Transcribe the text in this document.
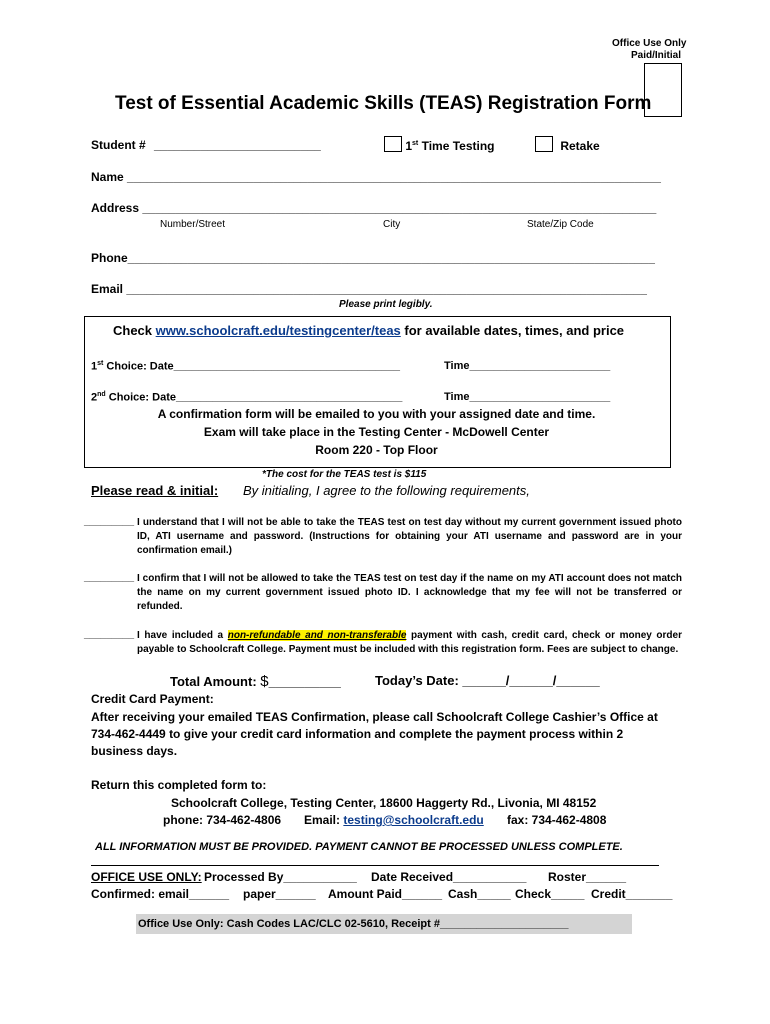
Office Use Only
Paid/Initial
Test of Essential Academic Skills (TEAS) Registration Form
Student # _________________________	1st Time Testing	Retake
Name ________________________________________________________________________________
Address _____________________________________________________________________________
Number/Street	City	State/Zip Code
Phone_______________________________________________________________________________
Email ______________________________________________________________________________
Please print legibly.
Check www.schoolcraft.edu/testingcenter/teas for available dates, times, and price
1st Choice: Date_____________________________________	Time_______________________
2nd Choice: Date_____________________________________	Time_______________________
A confirmation form will be emailed to you with your assigned date and time.
Exam will take place in the Testing Center - McDowell Center
Room 220 - Top Floor
*The cost for the TEAS test is $115
Please read & initial: By initialing, I agree to the following requirements,
_________ I understand that I will not be able to take the TEAS test on test day without my current government issued photo ID, ATI username and password. (Instructions for obtaining your ATI username and password are in your confirmation email.)
_________ I confirm that I will not be allowed to take the TEAS test on test day if the name on my ATI account does not match the name on my current government issued photo ID. I acknowledge that my fee will not be transferred or refunded.
_________ I have included a non-refundable and non-transferable payment with cash, credit card, check or money order payable to Schoolcraft College. Payment must be included with this registration form. Fees are subject to change.
Total Amount: $__________	Today’s Date: ______/______/______
Credit Card Payment:
After receiving your emailed TEAS Confirmation, please call Schoolcraft College Cashier’s Office at
734-462-4449 to give your credit card information and complete the payment process within 2
business days.
Return this completed form to:
Schoolcraft College, Testing Center, 18600 Haggerty Rd., Livonia, MI 48152
phone: 734-462-4806 Email: testing@schoolcraft.edu fax: 734-462-4808
ALL INFORMATION MUST BE PROVIDED. PAYMENT CANNOT BE PROCESSED UNLESS COMPLETE.
OFFICE USE ONLY: Processed By___________ Date Received___________ Roster______
Confirmed: email______ paper______ Amount Paid______ Cash_____ Check_____ Credit_______
Office Use Only: Cash Codes LAC/CLC 02-5610, Receipt #_____________________
